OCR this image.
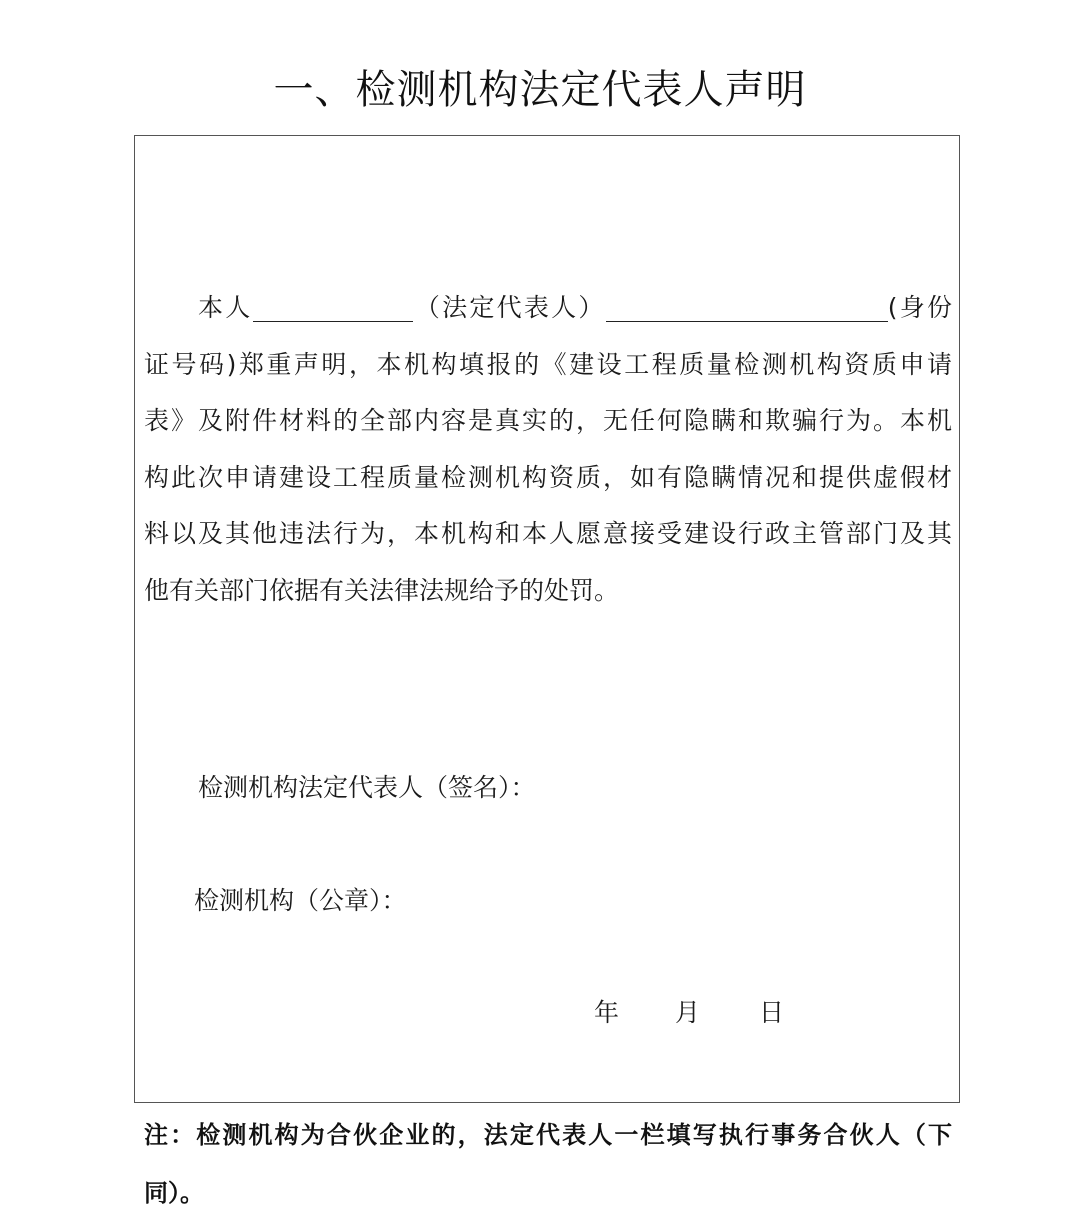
一、检测机构法定代表人声明
本人	（法定代表人）	(身份
证号码)郑重声明，本机构填报的《建设工程质量检测机构资质申请
表》及附件材料的全部内容是真实的，无任何隐瞒和欺骗行为。本机
构此次申请建设工程质量检测机构资质，如有隐瞒情况和提供虚假材
料以及其他违法行为，本机构和本人愿意接受建设行政主管部门及其
他有关部门依据有关法律法规给予的处罚。
检测机构法定代表人（签名）：
检测机构（公章）：
年 月 日
注：检测机构为合伙企业的，法定代表人一栏填写执行事务合伙人（下
同）。
